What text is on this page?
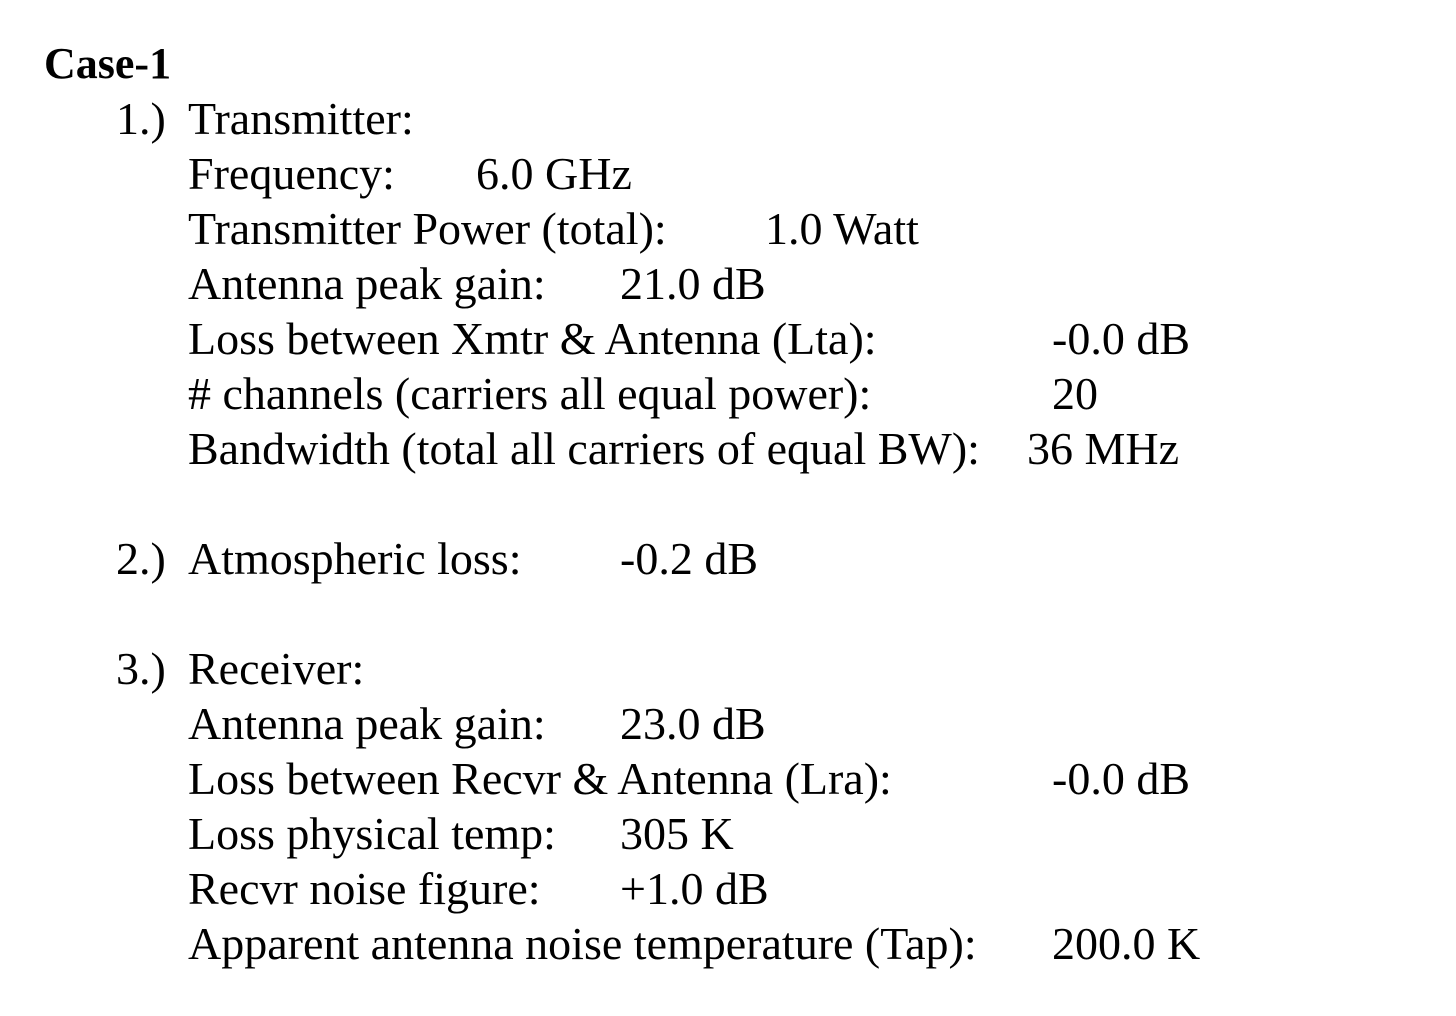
Case-1
1.) Transmitter:
Frequency: 6.0 GHz
Transmitter Power (total): 1.0 Watt
Antenna peak gain: 21.0 dB
Loss between Xmtr & Antenna (Lta):	-0.0 dB
# channels (carriers all equal power):	20
Bandwidth (total all carriers of equal BW): 36 MHz
2.) Atmospheric loss: -0.2 dB
3.) Receiver:
Antenna peak gain: 23.0 dB
Loss between Recvr & Antenna (Lra):	-0.0 dB
Loss physical temp: 305 K
Recvr noise figure: +1.0 dB
Apparent antenna noise temperature (Tap): 200.0 K
